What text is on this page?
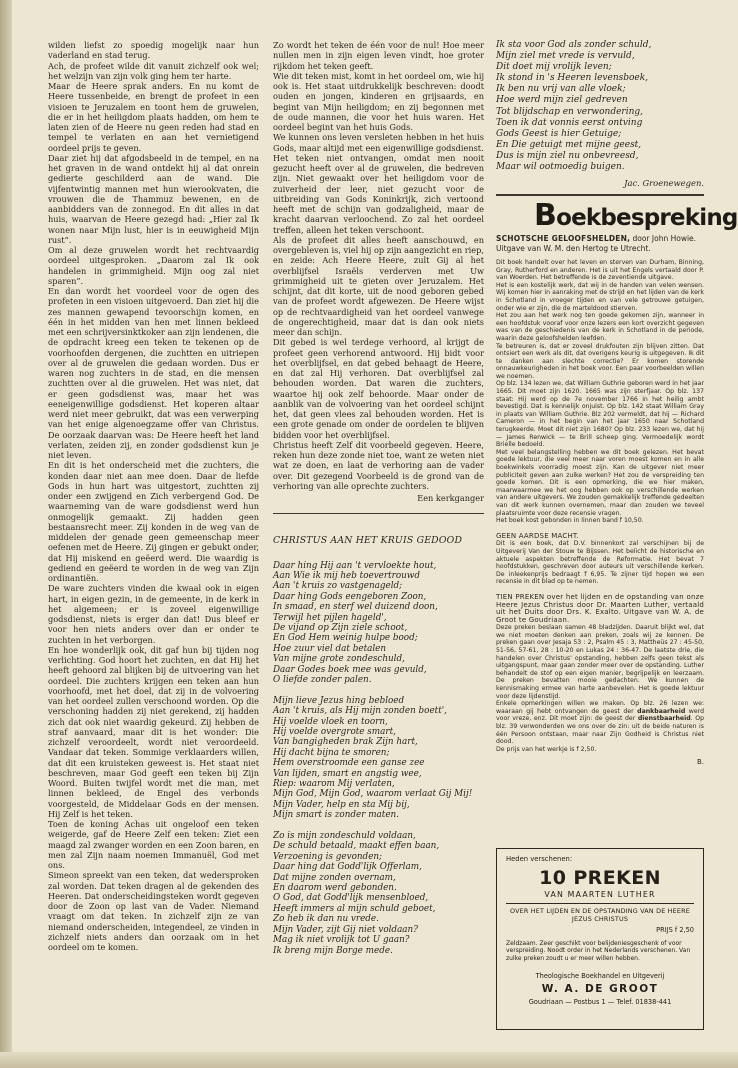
wilden liefst zo spoedig mogelijk naar hun vaderland en stad terug.

Ach, de profeet wilde dit vanuit zichzelf ook wel; het welzijn van zijn volk ging hem ter harte.

Maar de Heere sprak anders. En nu komt de Heere tussenbeide, en brengt de profeet in een visioen te Jeruzalem en toont hem de gruwelen, die er in het heiligdom plaats hadden, om hem te laten zien of de Heere nu geen reden had stad en tempel te verlaten en aan het vernietigend oordeel prijs te geven.

Daar ziet hij dat afgodsbeeld in de tempel, en na het graven in de wand ontdekt hij al dat onrein gedierte geschilderd aan de wand. Die vijfentwintig mannen met hun wierookvaten, die vrouwen die de Thammuz bewenen, en de aanbidders van de zonnegod. En dit alles in dat huis, waarvan de Heere gezegd had: „Hier zal Ik wonen naar Mijn lust, hier is in eeuwigheid Mijn rust”.

Om al deze gruwelen wordt het rechtvaardig oordeel uitgesproken. „Daarom zal Ik ook handelen in grimmigheid. Mijn oog zal niet sparen”.

En dan wordt het voordeel voor de ogen des profeten in een visioen uitgevoerd. Dan ziet hij die zes mannen gewapend tevoorschijn komen, en één in het midden van hen met linnen bekleed met een schrijversinktkoker aan zijn lendenen, die de opdracht kreeg een teken te tekenen op de voorhoofden dergenen, die zuchtten en uitriepen over al de gruwelen die gedaan worden. Dus er waren nog zuchters in de stad, en die mensen zuchtten over al die gruwelen. Het was niet, dat er geen godsdienst was, maar het was eeneigenwillige godsdienst. Het koperen altaar werd niet meer gebruikt, dat was een verwerping van het enige algenoegzame offer van Christus. De oorzaak daarvan was: De Heere heeft het land verlaten, zeiden zij, en zonder godsdienst kun je niet leven.

En dit is het onderscheid met die zuchters, die konden daar niet aan mee doen. Daar de liefde Gods in hun hart was uitgestort, zuchtten zij onder een zwijgend en Zich verbergend God. De waarneming van de ware godsdienst werd hun onmogelijk gemaakt. Zij hadden geen bestaansrecht meer. Zij konden in de weg van de middelen der genade geen gemeenschap meer oefenen met de Heere. Zij gingen er gebukt onder, dat Hij miskend en geëerd werd. Die waardig is gediend en geëerd te worden in de weg van Zijn ordinantiën.

De ware zuchters vinden die kwaal ook in eigen hart, in eigen gezin, in de gemeente, in de kerk in het algemeen; er is zoveel eigenwillige godsdienst, niets is erger dan dat! Dus bleef er voor hen niets anders over dan er onder te zuchten in het verborgen.

En hoe wonderlijk ook, dit gaf hun bij tijden nog verlichting. God hoort het zuchten, en dat Hij het heeft gehoord zal blijken bij de uitvoering van het oordeel. Die zuchters krijgen een teken aan hun voorhoofd, met het doel, dat zij in de volvoering van het oordeel zullen verschoond worden. Op die verschoning hadden zij niet gerekend, zij hadden zich dat ook niet waardig gekeurd. Zij hebben de straf aanvaard, maar dit is het wonder: Die zichzelf veroordeelt, wordt niet veroordeeld. Vandaar dat teken. Sommige verklaarders willen, dat dit een kruisteken geweest is. Het staat niet beschreven, maar God geeft een teken bij Zijn Woord. Buiten twijfel wordt met die man, met linnen bekleed, de Engel des verbonds voorgesteld, de Middelaar Gods en der mensen. Hij Zelf is het teken.

Toen de koning Achas uit ongeloof een teken weigerde, gaf de Heere Zelf een teken: Ziet een maagd zal zwanger worden en een Zoon baren, en men zal Zijn naam noemen Immanuël, God met ons.

Simeon spreekt van een teken, dat wedersproken zal worden. Dat teken dragen al de gekenden des Heeren. Dat onderscheidingsteken wordt gegeven door de Zoon op last van de Vader. Niemand vraagt om dat teken. In zichzelf zijn ze van niemand onderscheiden, integendeel, ze vinden in zichzelf niets anders dan oorzaak om in het oordeel om te komen.

Zo wordt het teken de één voor de nul! Hoe meer nullen men in zijn eigen leven vindt, hoe groter rijkdom het teken geeft.

Wie dit teken mist, komt in het oordeel om, wie hij ook is. Het staat uitdrukkelijk beschreven: doodt ouden en jongen, kinderen en grijsaards, en begint van Mijn heiligdom; en zij begonnen met de oude mannen, die voor het huis waren. Het oordeel begint van het huis Gods.

We kunnen ons leven versleten hebben in het huis Gods, maar altijd met een eigenwillige godsdienst.

Het teken niet ontvangen, omdat men nooit gezucht heeft over al de gruwelen, die bedreven zijn. Niet gewaakt over het heiligdom voor de zuiverheid der leer, niet gezucht voor de uitbreiding van Gods Koninkrijk, zich vertoond heeft met de schijn van godzaligheid, maar de kracht daarvan verloochend. Zo zal het oordeel treffen, alleen het teken verschoont.

Als de profeet dit alles heeft aanschouwd, en overgebleven is, viel hij op zijn aangezicht en riep, en zeide: Ach Heere Heere, zult Gij al het overblijfsel Israëls verderven met Uw grimmigheid uit te gieten over Jeruzalem. Het schijnt, dat dit korte, uit de nood geboren gebed van de profeet wordt afgewezen. De Heere wijst op de rechtvaardigheid van het oordeel vanwege de ongerechtigheid, maar dat is dan ook niets meer dan schijn.

Dit gebed is wel terdege verhoord, al krijgt de profeet geen verhorend antwoord. Hij bidt voor het overblijfsel, en dat gebed behaagt de Heere, en dat zal Hij verhoren. Dat overblijfsel zal behouden worden. Dat waren die zuchters, waartoe hij ook zelf behoorde. Maar onder de aanblik van de volvoering van het oordeel schijnt het, dat geen vlees zal behouden worden. Het is een grote genade om onder de oordelen te blijven bidden voor het overblijfsel.

Christus heeft Zelf dit voorbeeld gegeven. Heere, reken hun deze zonde niet toe, want ze weten niet wat ze doen, en laat de verhoring aan de vader over. Dit gezegend Voorbeeld is de grond van de verhoring van alle oprechte zuchters.

Een kerkganger
CHRISTUS AAN HET KRUIS GEDOOD
Daar hing Hij aan 't vervloekte hout,
Aan Wie ik mij heb toevertrouwd
Aan 't kruis zo vastgenageld;
Daar hing Gods eengeboren Zoon,
In smaad, en sterf wel duizend doon,
Terwijl het pijlen hageld',
De vijand op Zijn ziele schoot,
En God Hem weinig hulpe bood;
Hoe zuur viel dat betalen
Van mijne grote zondeschuld,
Daar Godes boek mee was gevuld,
O liefde zonder palen.
Mijn lieve Jezus hing bebloed
Aan 't kruis, als Hij mijn zonden boett',
Hij voelde vloek en toorn,
Hij voelde overgrote smart,
Van bangigheden brak Zijn hart,
Hij dacht bijna te smoren;
Hem overstroomde een ganse zee
Van lijden, smart en angstig wee,
Riep: waarom Mij verlaten,
Mijn God, Mijn God, waarom verlaat Gij Mij!
Mijn Vader, help en sta Mij bij,
Mijn smart is zonder maten.
Zo is mijn zondeschuld voldaan,
De schuld betaald, maakt effen baan,
Verzoening is gevonden;
Daar hing dat Godd'lijk Offerlam,
Dat mijne zonden overnam,
En daarom werd gebonden.
O God, dat Godd'lijk mensenbloed,
Heeft immers al mijn schuld geboet,
Zo heb ik dan nu vrede.
Mijn Vader, zijt Gij niet voldaan?
Mag ik niet vrolijk tot U gaan?
Ik breng mijn Borge mede.
Ik sta voor God als zonder schuld,
Mijn ziel met vrede is vervuld,
Dit doet mij vrolijk leven;
Ik stond in 's Heeren levensboek,
Ik ben nu vrij van alle vloek;
Hoe werd mijn ziel gedreven
Tot blijdschap en verwondering,
Toen ik dat vonnis eerst ontving
Gods Geest is hier Getuige;
En Die getuigt met mijne geest,
Dus is mijn ziel nu onbevreesd,
Maar wil ootmoedig buigen.
Jac. Groenewegen.
Boekbespreking
SCHOTSCHE GELOOFSHELDEN, door John Howie. Uitgave van W. M. den Hertog te Utrecht.

Dit boek handelt over het leven en sterven van Durham, Binning, Gray, Rutherford en anderen. Het is uit het Engels vertaald door P. van Woerden. Het betreffende is de zeventiende uitgave.

Het is een kostelijk werk, dat wij in de handen van velen wensen. Wij komen hier in aanraking met de strijd en het lijden van de kerk in Schotland in vroeger tijden en van vele getrouwe getuigen, onder wie er zijn, die de marteldood stierven.

Het zou aan het werk nog ten goede gekomen zijn, wanneer in een hoofdstuk vooraf voor onze lezers een kort overzicht gegeven was van de geschiedenis van de kerk in Schotland in de periode, waarin deze geloofshelden leefden.

Te betreuren is, dat er zoveel drukfouten zijn blijven zitten. Dat ontsiert een werk als dit, dat overigens keurig is uitgegeven. Ik dit te danken aan slechte correctie? Er komen storende onnauwkeurigheden in het boek voor. Een paar voorbeelden willen we noemen.

Op blz. 134 lezen we, dat William Guthrie geboren werd in het jaar 1665. Dit moet zijn 1620. 1665 was zijn sterfjaar. Op blz. 137 staat: Hij werd op de 7e november 1766 in het heilig ambt bevestigd. Dat is kennelijk onjuist. Op blz. 142 staat William Gray in plaats van William Guthrie. Blz 202 vermeldt, dat hij — Richard Cameron — in het begin van het jaar 1650 naar Schotland terugkeerde. Moet dit niet zijn 1680? Op blz. 233 lezen we, dat hij — James Renwick — te Brill scheep ging. Vermoedelijk wordt Brielle bedoeld.

Met veel belangstelling hebben we dit boek gelezen. Het bevat goede lektuur, die veel meer naar voren moest komen en in alle boekwinkels voorradig moest zijn. Kan de uitgever niet meer publiciteit geven aan zulke werken? Het zou de verspreiding ten goede komen. Dit is een opmerking, die we hier maken, maarwaarmee we het oog hebben ook op verschillende werken van andere uitgevers. We zouden gemakkelijk treffende gedeelten van dit werk kunnen overnemen, maar dan zouden we teveel plaatsruimte voor deze recensie vragen.

Het boek kost gebonden in linnen band f 10,50.

GEEN AARDSE MACHT.

Dit is een boek, dat D.V. binnenkort zal verschijnen bij de Uitgeverij Van der Stouw te Bijssen. Het belicht de historische en aktuele aspekten betreffende de Reformatie. Het bevat 7 hoofdstukken, geschreven door auteurs uit verschillende kerken. De inleekenprijs bedraagt f 6,95. Te zijner tijd hopen we een recensie in dit blad op te nemen.

TIEN PREKEN over het lijden en de opstanding van onze Heere Jezus Christus door Dr. Maarten Luther, vertaald uit het Duits door Drs. K. Exalto. Uitgave van W. A. de Groot te Goudriaan.

Deze preken beslaan samen 48 bladzijden. Daaruit blijkt wel, dat we niet moeten denken aan preken, zoals wij ze kennen. De preken gaan over Jesaja 53 : 2, Psalm 45 : 3, Mattheüs 27 : 45-50, 51-56, 57-61, 28 : 10-20 en Lukas 24 : 36-47. De laatste drie, die handelen over Christus' opstanding, hebben zelfs geen tekst als uitgangspunt, maar gaan zonder meer over de opstanding. Luther behandelt de stof op een eigen manier, begrijpelijk en leerzaam. De preken bevatten mooie gedachten. We kunnen de kennismaking ermee van harte aanbevelen. Het is goede lektuur voor deze lijdenstijd.

Enkele opmerkingen willen we maken. Op blz. 26 lezen we: waaraan gij hebt ontvangen de geest der dankbaarheid werd voor vreze, enz. Dit moet zijn: de geest der dienstbaarheid. Op blz. 39 verwonderden we ons over de zin: uit de beide naturen is één Persoon ontstaan, maar naar Zijn Godheid is Christus niet dood.

De prijs van het werkje is f 2,50.

B.
Heden verschenen:
10 PREKEN
VAN MAARTEN LUTHER
OVER HET LIJDEN EN DE OPSTANDING VAN DE HEERE JEZUS CHRISTUS
PRIJS f 2,50
Zeldzaam. Zeer geschikt voor belijdeniesgeschenk of voor verspreiding. Noodt order in het Nederlands verschenen. Van zulke preken zoudt u er meer willen hebben.
Theologische Boekhandel en Uitgeverij
W. A. DE GROOT
Goudriaan — Postbus 1 — Telef. 01838-441
